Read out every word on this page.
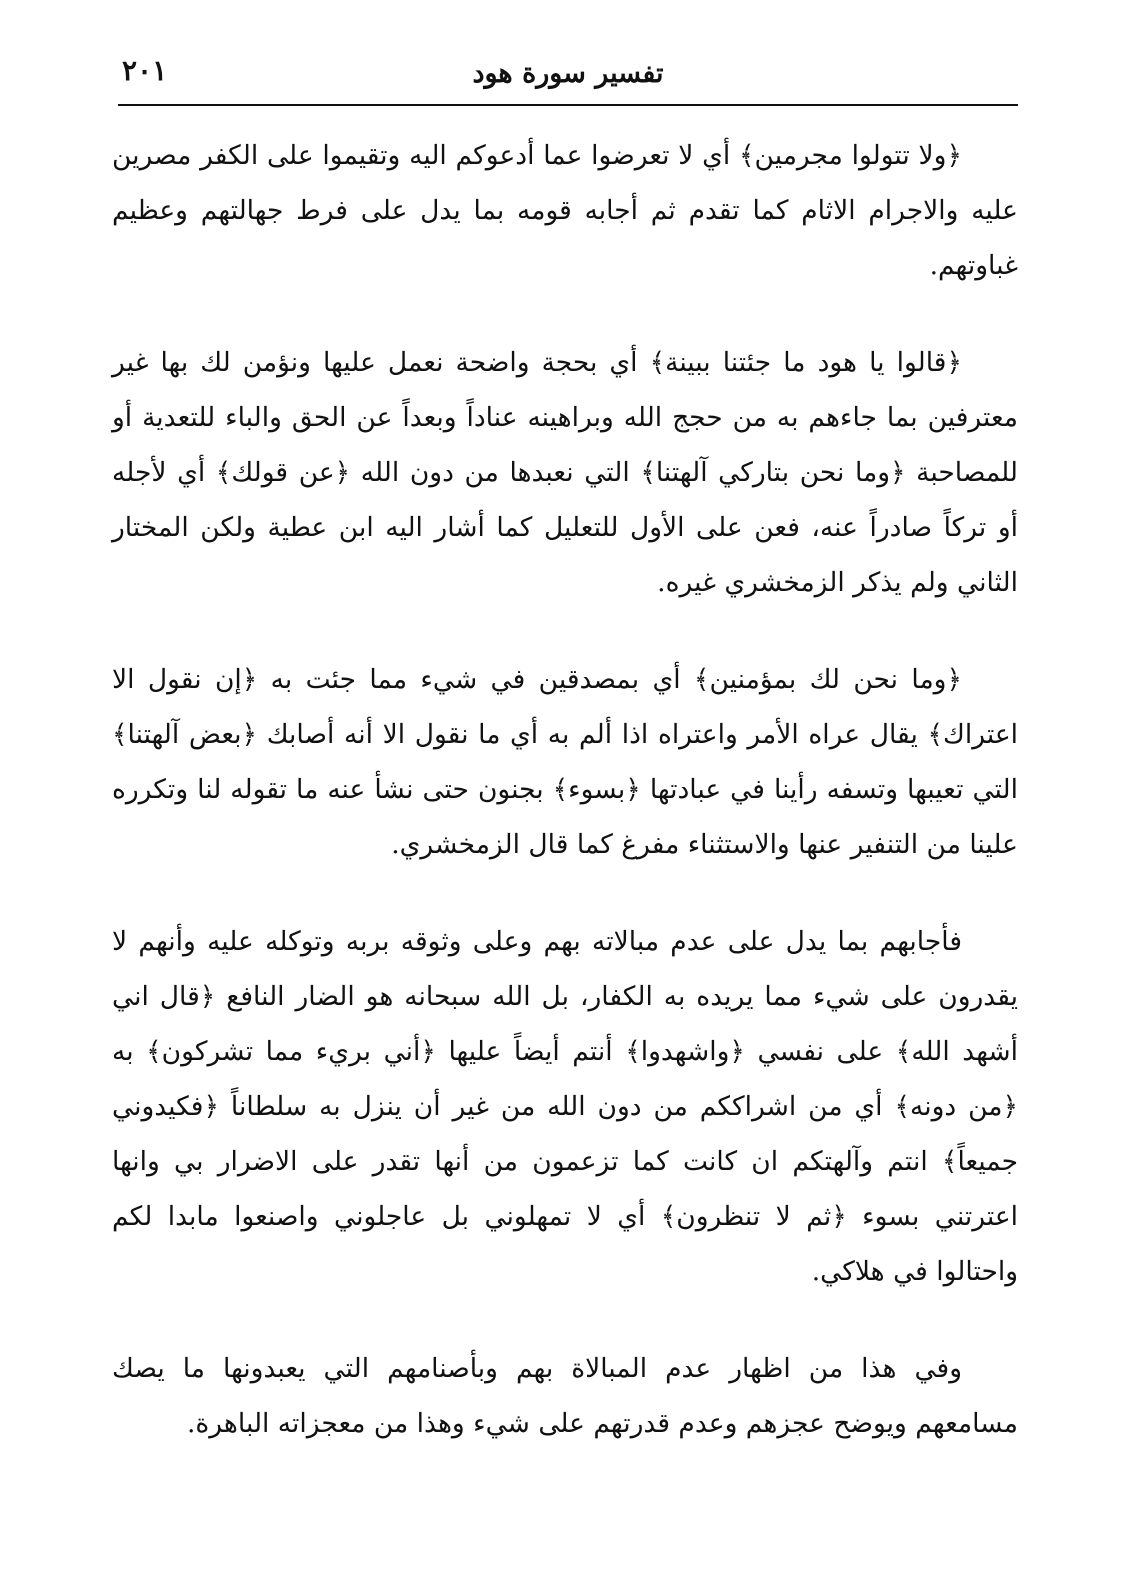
تفسير سورة هود
٢٠١

﴿ولا تتولوا مجرمين﴾ أي لا تعرضوا عما أدعوكم اليه وتقيموا على الكفر مصرين عليه والاجرام الاثام كما تقدم ثم أجابه قومه بما يدل على فرط جهالتهم وعظيم غباوتهم.

﴿قالوا يا هود ما جئتنا ببينة﴾ أي بحجة واضحة نعمل عليها ونؤمن لك بها غير معترفين بما جاءهم به من حجج الله وبراهينه عناداً وبعداً عن الحق والباء للتعدية أو للمصاحبة ﴿وما نحن بتاركي آلهتنا﴾ التي نعبدها من دون الله ﴿عن قولك﴾ أي لأجله أو تركاً صادراً عنه، فعن على الأول للتعليل كما أشار اليه ابن عطية ولكن المختار الثاني ولم يذكر الزمخشري غيره.

﴿وما نحن لك بمؤمنين﴾ أي بمصدقين في شيء مما جئت به ﴿إن نقول الا اعتراك﴾ يقال عراه الأمر واعتراه اذا ألم به أي ما نقول الا أنه أصابك ﴿بعض آلهتنا﴾ التي تعيبها وتسفه رأينا في عبادتها ﴿بسوء﴾ بجنون حتى نشأ عنه ما تقوله لنا وتكرره علينا من التنفير عنها والاستثناء مفرغ كما قال الزمخشري.

فأجابهم بما يدل على عدم مبالاته بهم وعلى وثوقه بربه وتوكله عليه وأنهم لا يقدرون على شيء مما يريده به الكفار، بل الله سبحانه هو الضار النافع ﴿قال اني أشهد الله﴾ على نفسي ﴿واشهدوا﴾ أنتم أيضاً عليها ﴿أني بريء مما تشركون﴾ به ﴿من دونه﴾ أي من اشراككم من دون الله من غير أن ينزل به سلطاناً ﴿فكيدوني جميعاً﴾ انتم وآلهتكم ان كانت كما تزعمون من أنها تقدر على الاضرار بي وانها اعترتني بسوء ﴿ثم لا تنظرون﴾ أي لا تمهلوني بل عاجلوني واصنعوا مابدا لكم واحتالوا في هلاكي.

وفي هذا من اظهار عدم المبالاة بهم وبأصنامهم التي يعبدونها ما يصك مسامعهم ويوضح عجزهم وعدم قدرتهم على شيء وهذا من معجزاته الباهرة.
